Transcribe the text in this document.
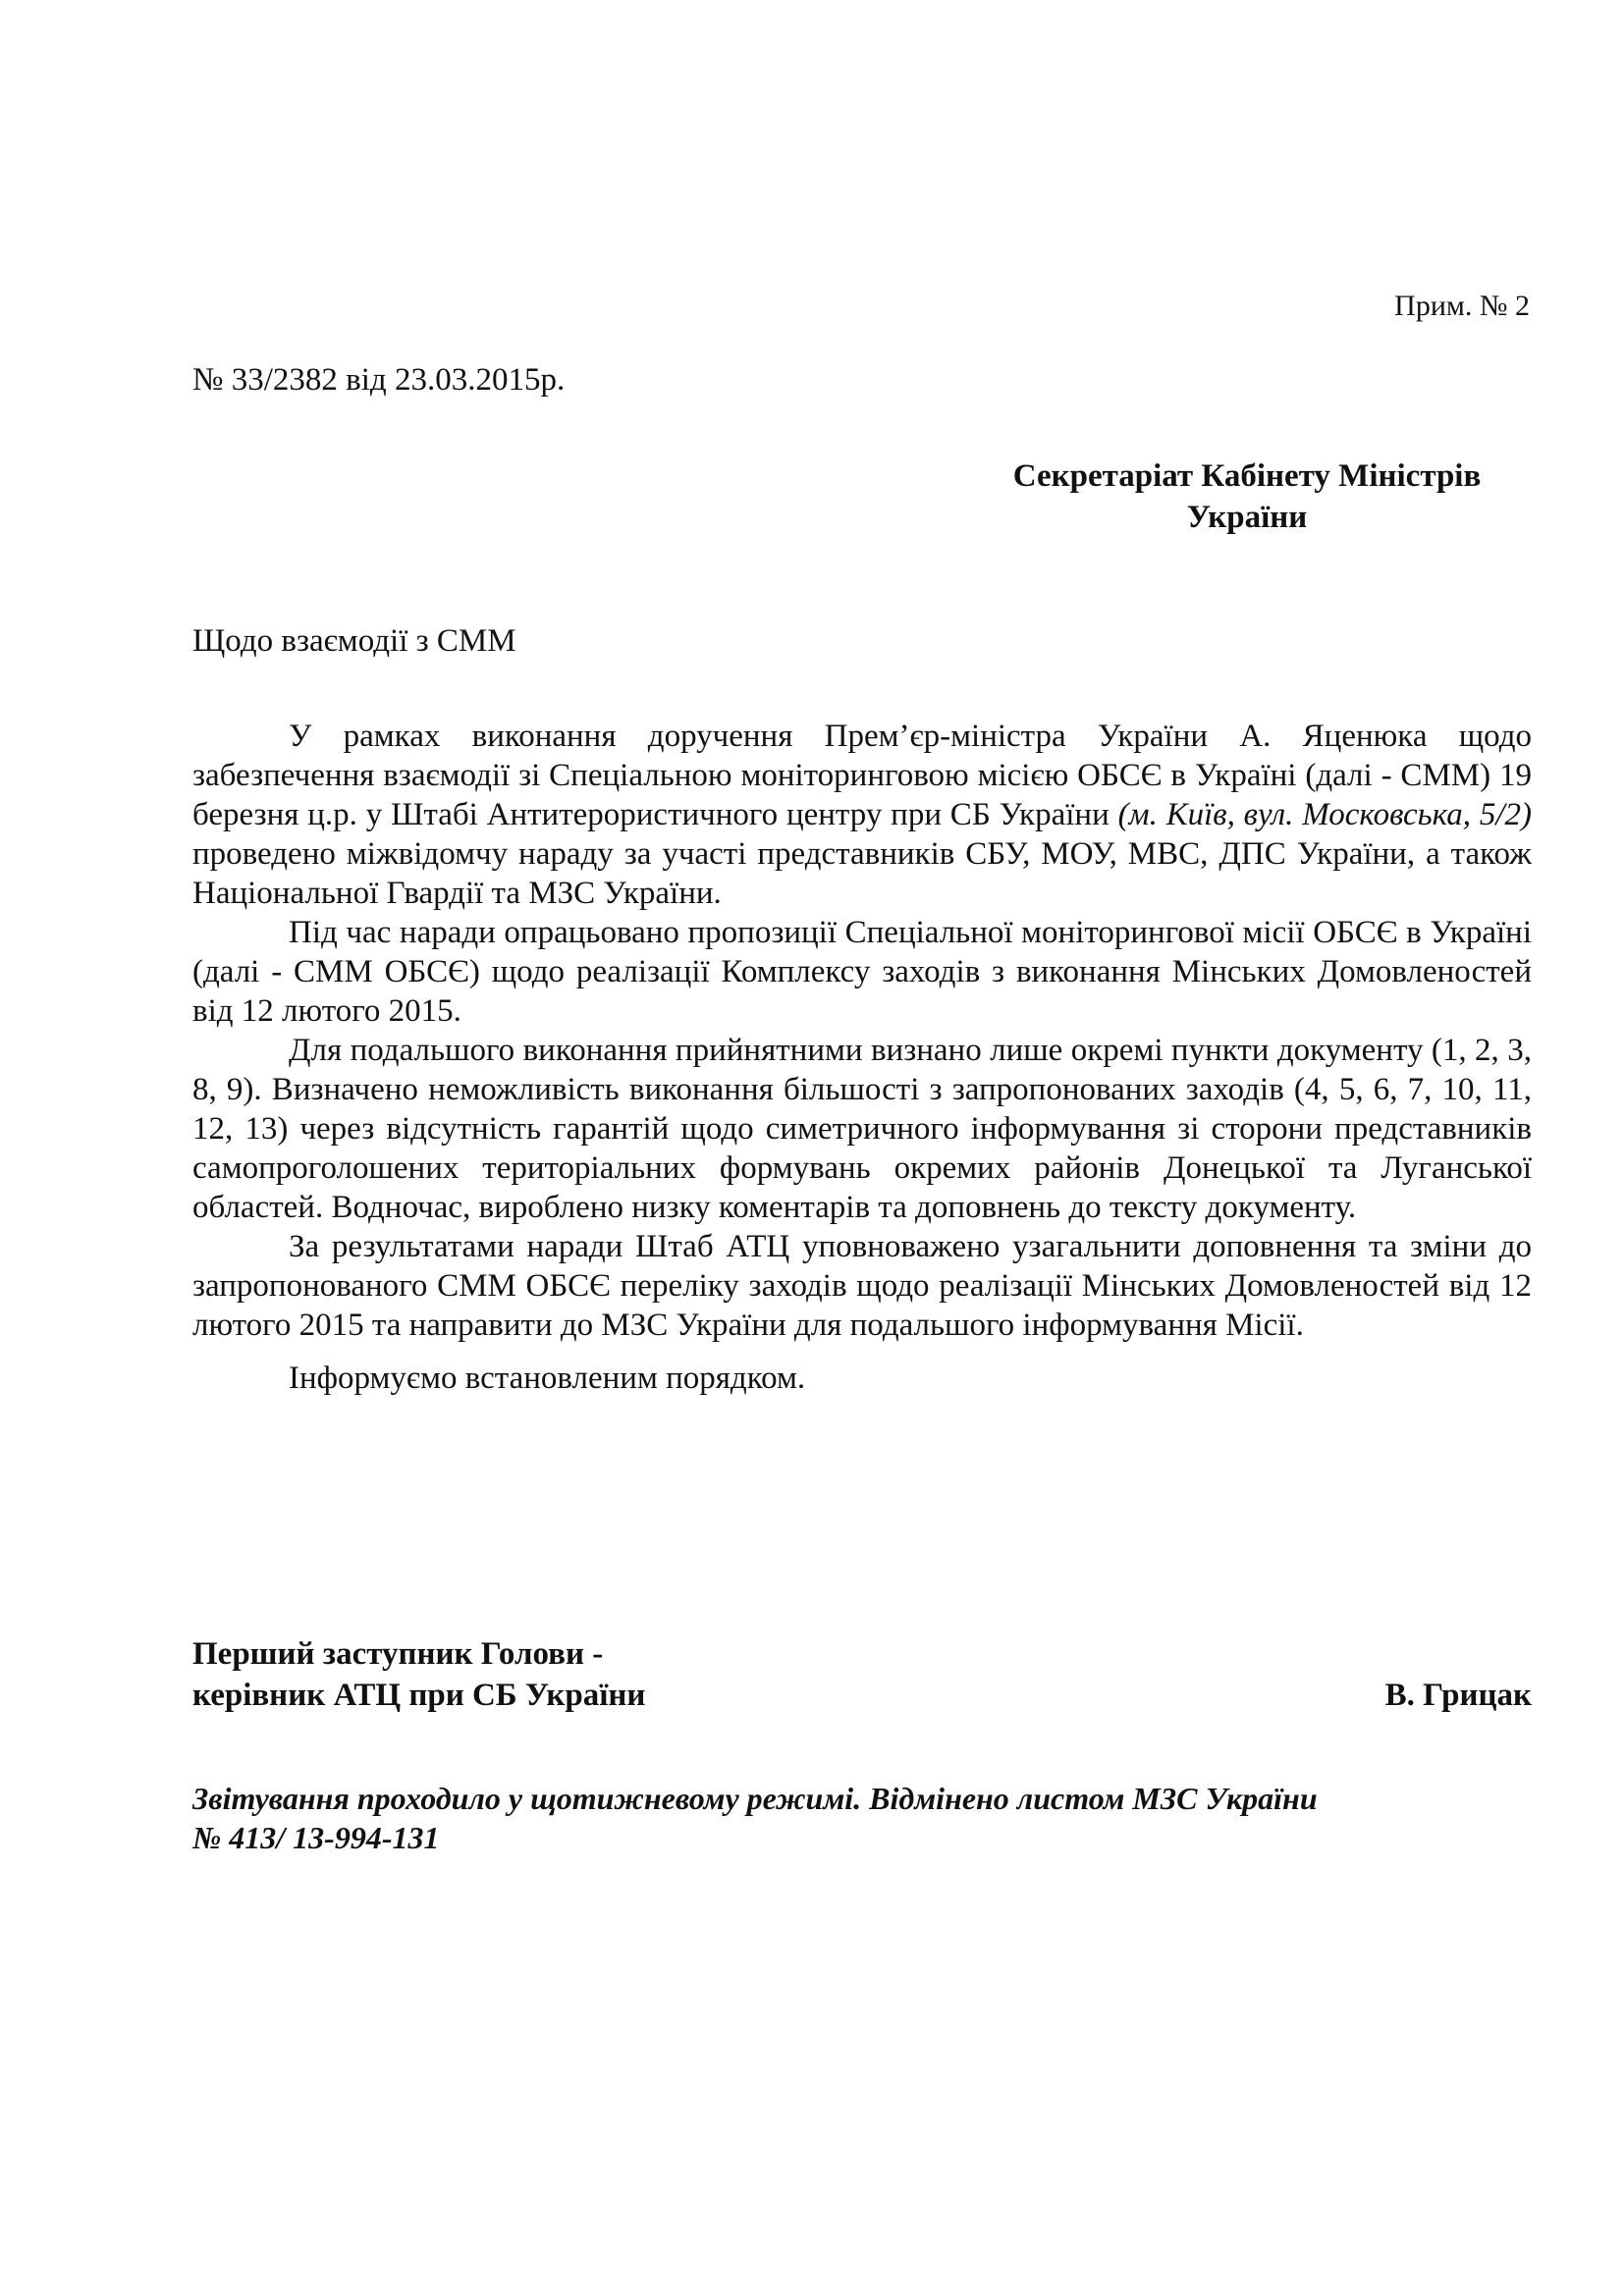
Прим. № 2
№ 33/2382 від 23.03.2015р.
Секретаріат Кабінету Міністрів
України
Щодо взаємодії з СММ

У рамках виконання доручення Прем’єр-міністра України А. Яценюка щодо забезпечення взаємодії зі Спеціальною моніторинговою місією ОБСЄ в Україні (далі - СММ) 19 березня ц.р. у Штабі Антитерористичного центру при СБ України (м. Київ, вул. Московська, 5/2) проведено міжвідомчу нараду за участі представників СБУ, МОУ, МВС, ДПС України, а також Національної Гвардії та МЗС України.

Під час наради опрацьовано пропозиції Спеціальної моніторингової місії ОБСЄ в Україні (далі - СММ ОБСЄ) щодо реалізації Комплексу заходів з виконання Мінських Домовленостей від 12 лютого 2015.

Для подальшого виконання прийнятними визнано лише окремі пункти документу (1, 2, 3, 8, 9). Визначено неможливість виконання більшості з запропонованих заходів (4, 5, 6, 7, 10, 11, 12, 13) через відсутність гарантій щодо симетричного інформування зі сторони представників самопроголошених територіальних формувань окремих районів Донецької та Луганської областей. Водночас, вироблено низку коментарів та доповнень до тексту документу.

За результатами наради Штаб АТЦ уповноважено узагальнити доповнення та зміни до запропонованого СММ ОБСЄ переліку заходів щодо реалізації Мінських Домовленостей від 12 лютого 2015 та направити до МЗС України для подальшого інформування Місії.

Інформуємо встановленим порядком.

Перший заступник Голови -
керівник АТЦ при СБ України	В. Грицак
Звітування проходило у щотижневому режимі. Відмінено листом МЗС України
№ 413/ 13-994-131
